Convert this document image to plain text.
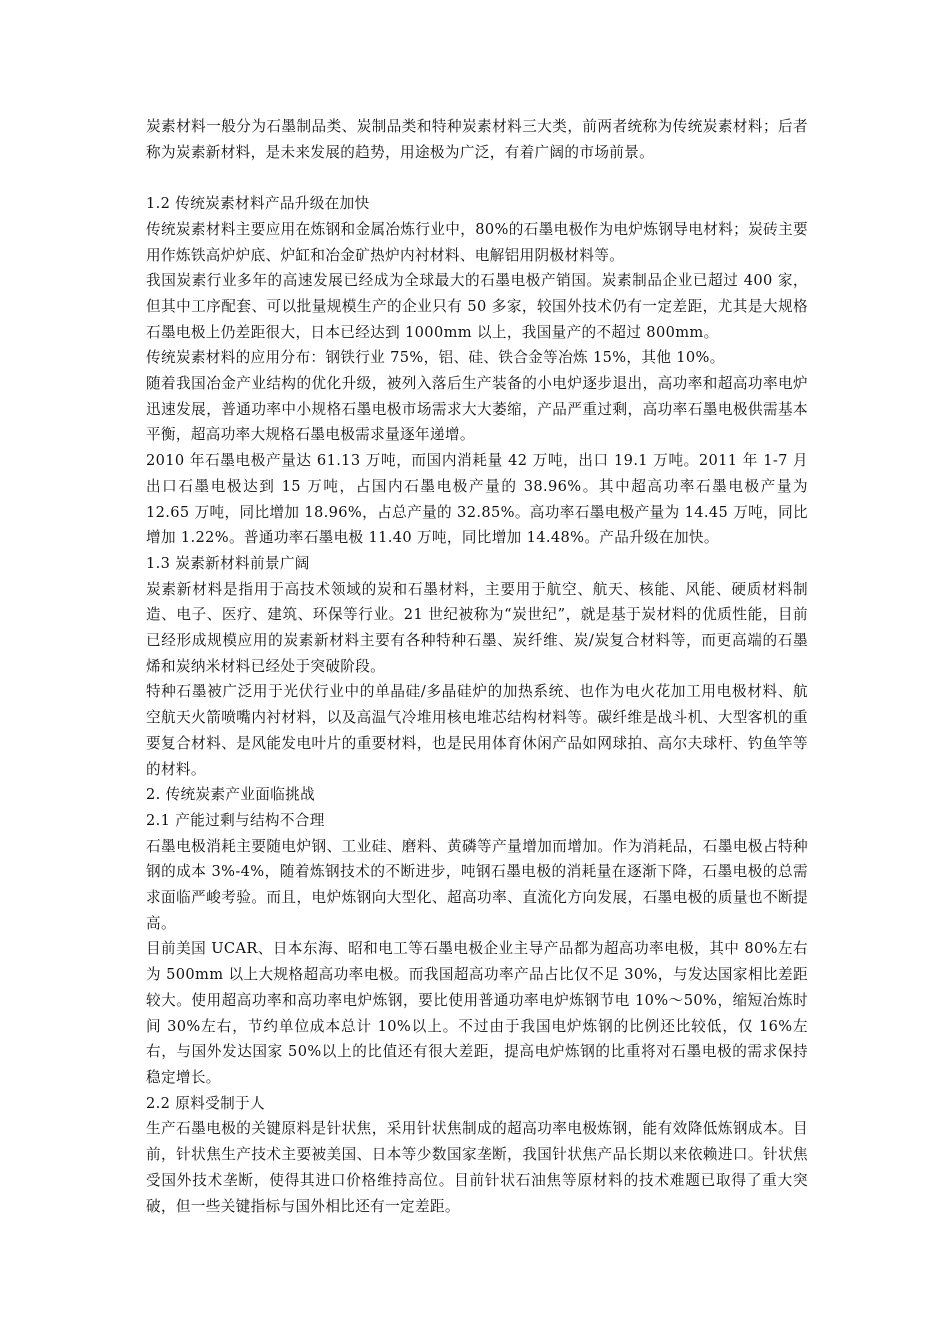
炭素材料一般分为石墨制品类、炭制品类和特种炭素材料三大类，前两者统称为传统炭素材料；后者称为炭素新材料，是未来发展的趋势，用途极为广泛，有着广阔的市场前景。

1.2 传统炭素材料产品升级在加快

传统炭素材料主要应用在炼钢和金属冶炼行业中，80%的石墨电极作为电炉炼钢导电材料；炭砖主要用作炼铁高炉炉底、炉缸和冶金矿热炉内衬材料、电解铝用阴极材料等。

我国炭素行业多年的高速发展已经成为全球最大的石墨电极产销国。炭素制品企业已超过 400 家，但其中工序配套、可以批量规模生产的企业只有 50 多家，较国外技术仍有一定差距，尤其是大规格石墨电极上仍差距很大，日本已经达到 1000mm 以上，我国量产的不超过 800mm。

传统炭素材料的应用分布：钢铁行业 75%，铝、硅、铁合金等冶炼 15%，其他 10%。

随着我国冶金产业结构的优化升级，被列入落后生产装备的小电炉逐步退出，高功率和超高功率电炉迅速发展，普通功率中小规格石墨电极市场需求大大萎缩，产品严重过剩，高功率石墨电极供需基本平衡，超高功率大规格石墨电极需求量逐年递增。

2010 年石墨电极产量达 61.13 万吨，而国内消耗量 42 万吨，出口 19.1 万吨。2011 年 1-7 月出口石墨电极达到 15 万吨，占国内石墨电极产量的 38.96%。其中超高功率石墨电极产量为 12.65 万吨，同比增加 18.96%，占总产量的 32.85%。高功率石墨电极产量为 14.45 万吨，同比增加 1.22%。普通功率石墨电极 11.40 万吨，同比增加 14.48%。产品升级在加快。

1.3 炭素新材料前景广阔

炭素新材料是指用于高技术领域的炭和石墨材料，主要用于航空、航天、核能、风能、硬质材料制造、电子、医疗、建筑、环保等行业。21 世纪被称为“炭世纪”，就是基于炭材料的优质性能，目前已经形成规模应用的炭素新材料主要有各种特种石墨、炭纤维、炭/炭复合材料等，而更高端的石墨烯和炭纳米材料已经处于突破阶段。

特种石墨被广泛用于光伏行业中的单晶硅/多晶硅炉的加热系统、也作为电火花加工用电极材料、航空航天火箭喷嘴内衬材料，以及高温气冷堆用核电堆芯结构材料等。碳纤维是战斗机、大型客机的重要复合材料、是风能发电叶片的重要材料，也是民用体育休闲产品如网球拍、高尔夫球杆、钓鱼竿等的材料。

2. 传统炭素产业面临挑战

2.1 产能过剩与结构不合理

石墨电极消耗主要随电炉钢、工业硅、磨料、黄磷等产量增加而增加。作为消耗品，石墨电极占特种钢的成本 3%-4%，随着炼钢技术的不断进步，吨钢石墨电极的消耗量在逐渐下降，石墨电极的总需求面临严峻考验。而且，电炉炼钢向大型化、超高功率、直流化方向发展，石墨电极的质量也不断提高。

目前美国 UCAR、日本东海、昭和电工等石墨电极企业主导产品都为超高功率电极，其中 80%左右为 500mm 以上大规格超高功率电极。而我国超高功率产品占比仅不足 30%，与发达国家相比差距较大。使用超高功率和高功率电炉炼钢，要比使用普通功率电炉炼钢节电 10%～50%，缩短冶炼时间 30%左右，节约单位成本总计 10%以上。不过由于我国电炉炼钢的比例还比较低，仅 16%左右，与国外发达国家 50%以上的比值还有很大差距，提高电炉炼钢的比重将对石墨电极的需求保持稳定增长。

2.2 原料受制于人

生产石墨电极的关键原料是针状焦，采用针状焦制成的超高功率电极炼钢，能有效降低炼钢成本。目前，针状焦生产技术主要被美国、日本等少数国家垄断，我国针状焦产品长期以来依赖进口。针状焦受国外技术垄断，使得其进口价格维持高位。目前针状石油焦等原材料的技术难题已取得了重大突破，但一些关键指标与国外相比还有一定差距。
